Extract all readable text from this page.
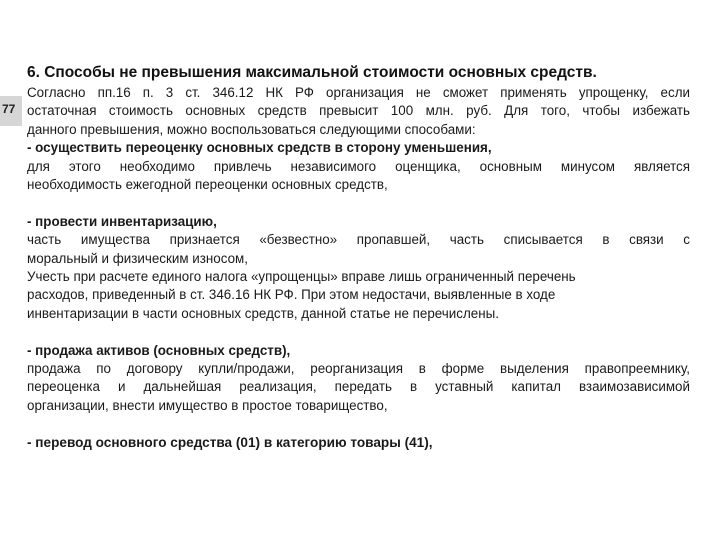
77
6. Способы не превышения максимальной стоимости основных средств.

Согласно пп.16 п. 3 ст. 346.12 НК РФ организация не сможет применять упрощенку, если

остаточная стоимость основных средств превысит 100 млн. руб. Для того, чтобы избежать

данного превышения, можно воспользоваться следующими способами:

- осуществить переоценку основных средств в сторону уменьшения,

для этого необходимо привлечь независимого оценщика, основным минусом является

необходимость ежегодной переоценки основных средств,

- провести инвентаризацию,

часть имущества признается «безвестно» пропавшей, часть списывается в связи с

моральный и физическим износом,

Учесть при расчете единого налога «упрощенцы» вправе лишь ограниченный перечень

расходов, приведенный в ст. 346.16 НК РФ. При этом недостачи, выявленные в ходе

инвентаризации в части основных средств, данной статье не перечислены.

- продажа активов (основных средств),

продажа по договору купли/продажи, реорганизация в форме выделения правопреемнику,

переоценка и дальнейшая реализация, передать в уставный капитал взаимозависимой

организации, внести имущество в простое товарищество,

- перевод основного средства (01) в категорию товары (41),
